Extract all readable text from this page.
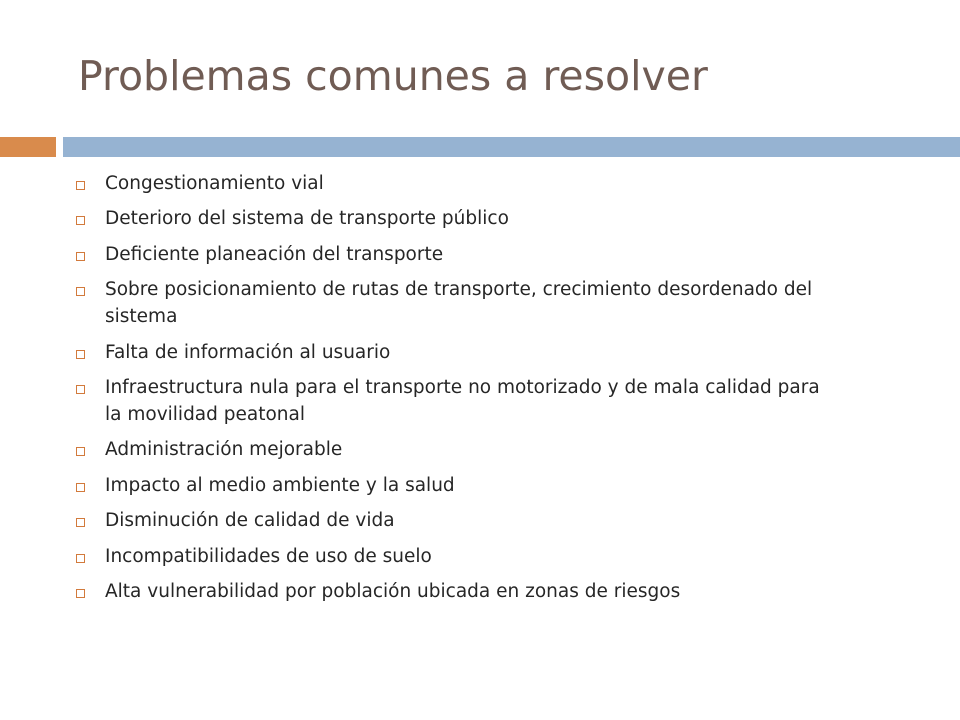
Problemas comunes a resolver
Congestionamiento vial
Deterioro del sistema de transporte público
Deficiente planeación del transporte
Sobre posicionamiento de rutas de transporte, crecimiento desordenado del sistema
Falta de información al usuario
Infraestructura nula para el transporte no motorizado y de mala calidad para la movilidad peatonal
Administración mejorable
Impacto al medio ambiente y la salud
Disminución de calidad de vida
Incompatibilidades de uso de suelo
Alta vulnerabilidad por población ubicada en zonas de riesgos
